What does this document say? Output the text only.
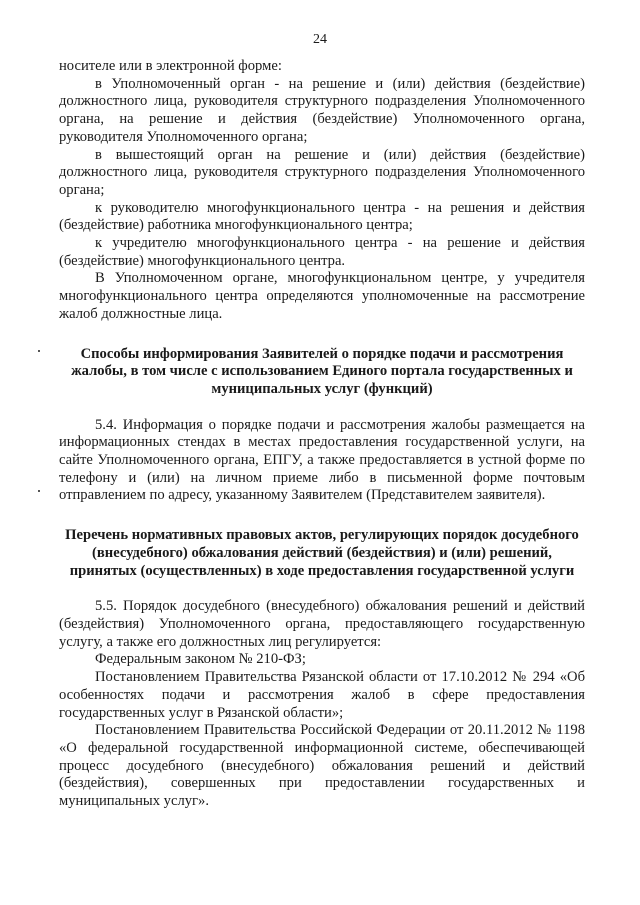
24

носителе или в электронной форме:

в Уполномоченный орган - на решение и (или) действия (бездействие) должностного лица, руководителя структурного подразделения Уполномоченного органа, на решение и действия (бездействие) Уполномоченного органа, руководителя Уполномоченного органа;

в вышестоящий орган на решение и (или) действия (бездействие) должностного лица, руководителя структурного подразделения Уполномоченного органа;

к руководителю многофункционального центра - на решения и действия (бездействие) работника многофункционального центра;

к учредителю многофункционального центра - на решение и действия (бездействие) многофункционального центра.

В Уполномоченном органе, многофункциональном центре, у учредителя многофункционального центра определяются уполномоченные на рассмотрение жалоб должностные лица.

Способы информирования Заявителей о порядке подачи и рассмотрения жалобы, в том числе с использованием Единого портала государственных и муниципальных услуг (функций)

5.4. Информация о порядке подачи и рассмотрения жалобы размещается на информационных стендах в местах предоставления государственной услуги, на сайте Уполномоченного органа, ЕПГУ, а также предоставляется в устной форме по телефону и (или) на личном приеме либо в письменной форме почтовым отправлением по адресу, указанному Заявителем (Представителем заявителя).

Перечень нормативных правовых актов, регулирующих порядок досудебного (внесудебного) обжалования действий (бездействия) и (или) решений, принятых (осуществленных) в ходе предоставления государственной услуги

5.5. Порядок досудебного (внесудебного) обжалования решений и действий (бездействия) Уполномоченного органа, предоставляющего государственную услугу, а также его должностных лиц регулируется:

Федеральным законом № 210-ФЗ;

Постановлением Правительства Рязанской области от 17.10.2012 № 294 «Об особенностях подачи и рассмотрения жалоб в сфере предоставления государственных услуг в Рязанской области»;

Постановлением Правительства Российской Федерации от 20.11.2012 № 1198 «О федеральной государственной информационной системе, обеспечивающей процесс досудебного (внесудебного) обжалования решений и действий (бездействия), совершенных при предоставлении государственных и муниципальных услуг».
